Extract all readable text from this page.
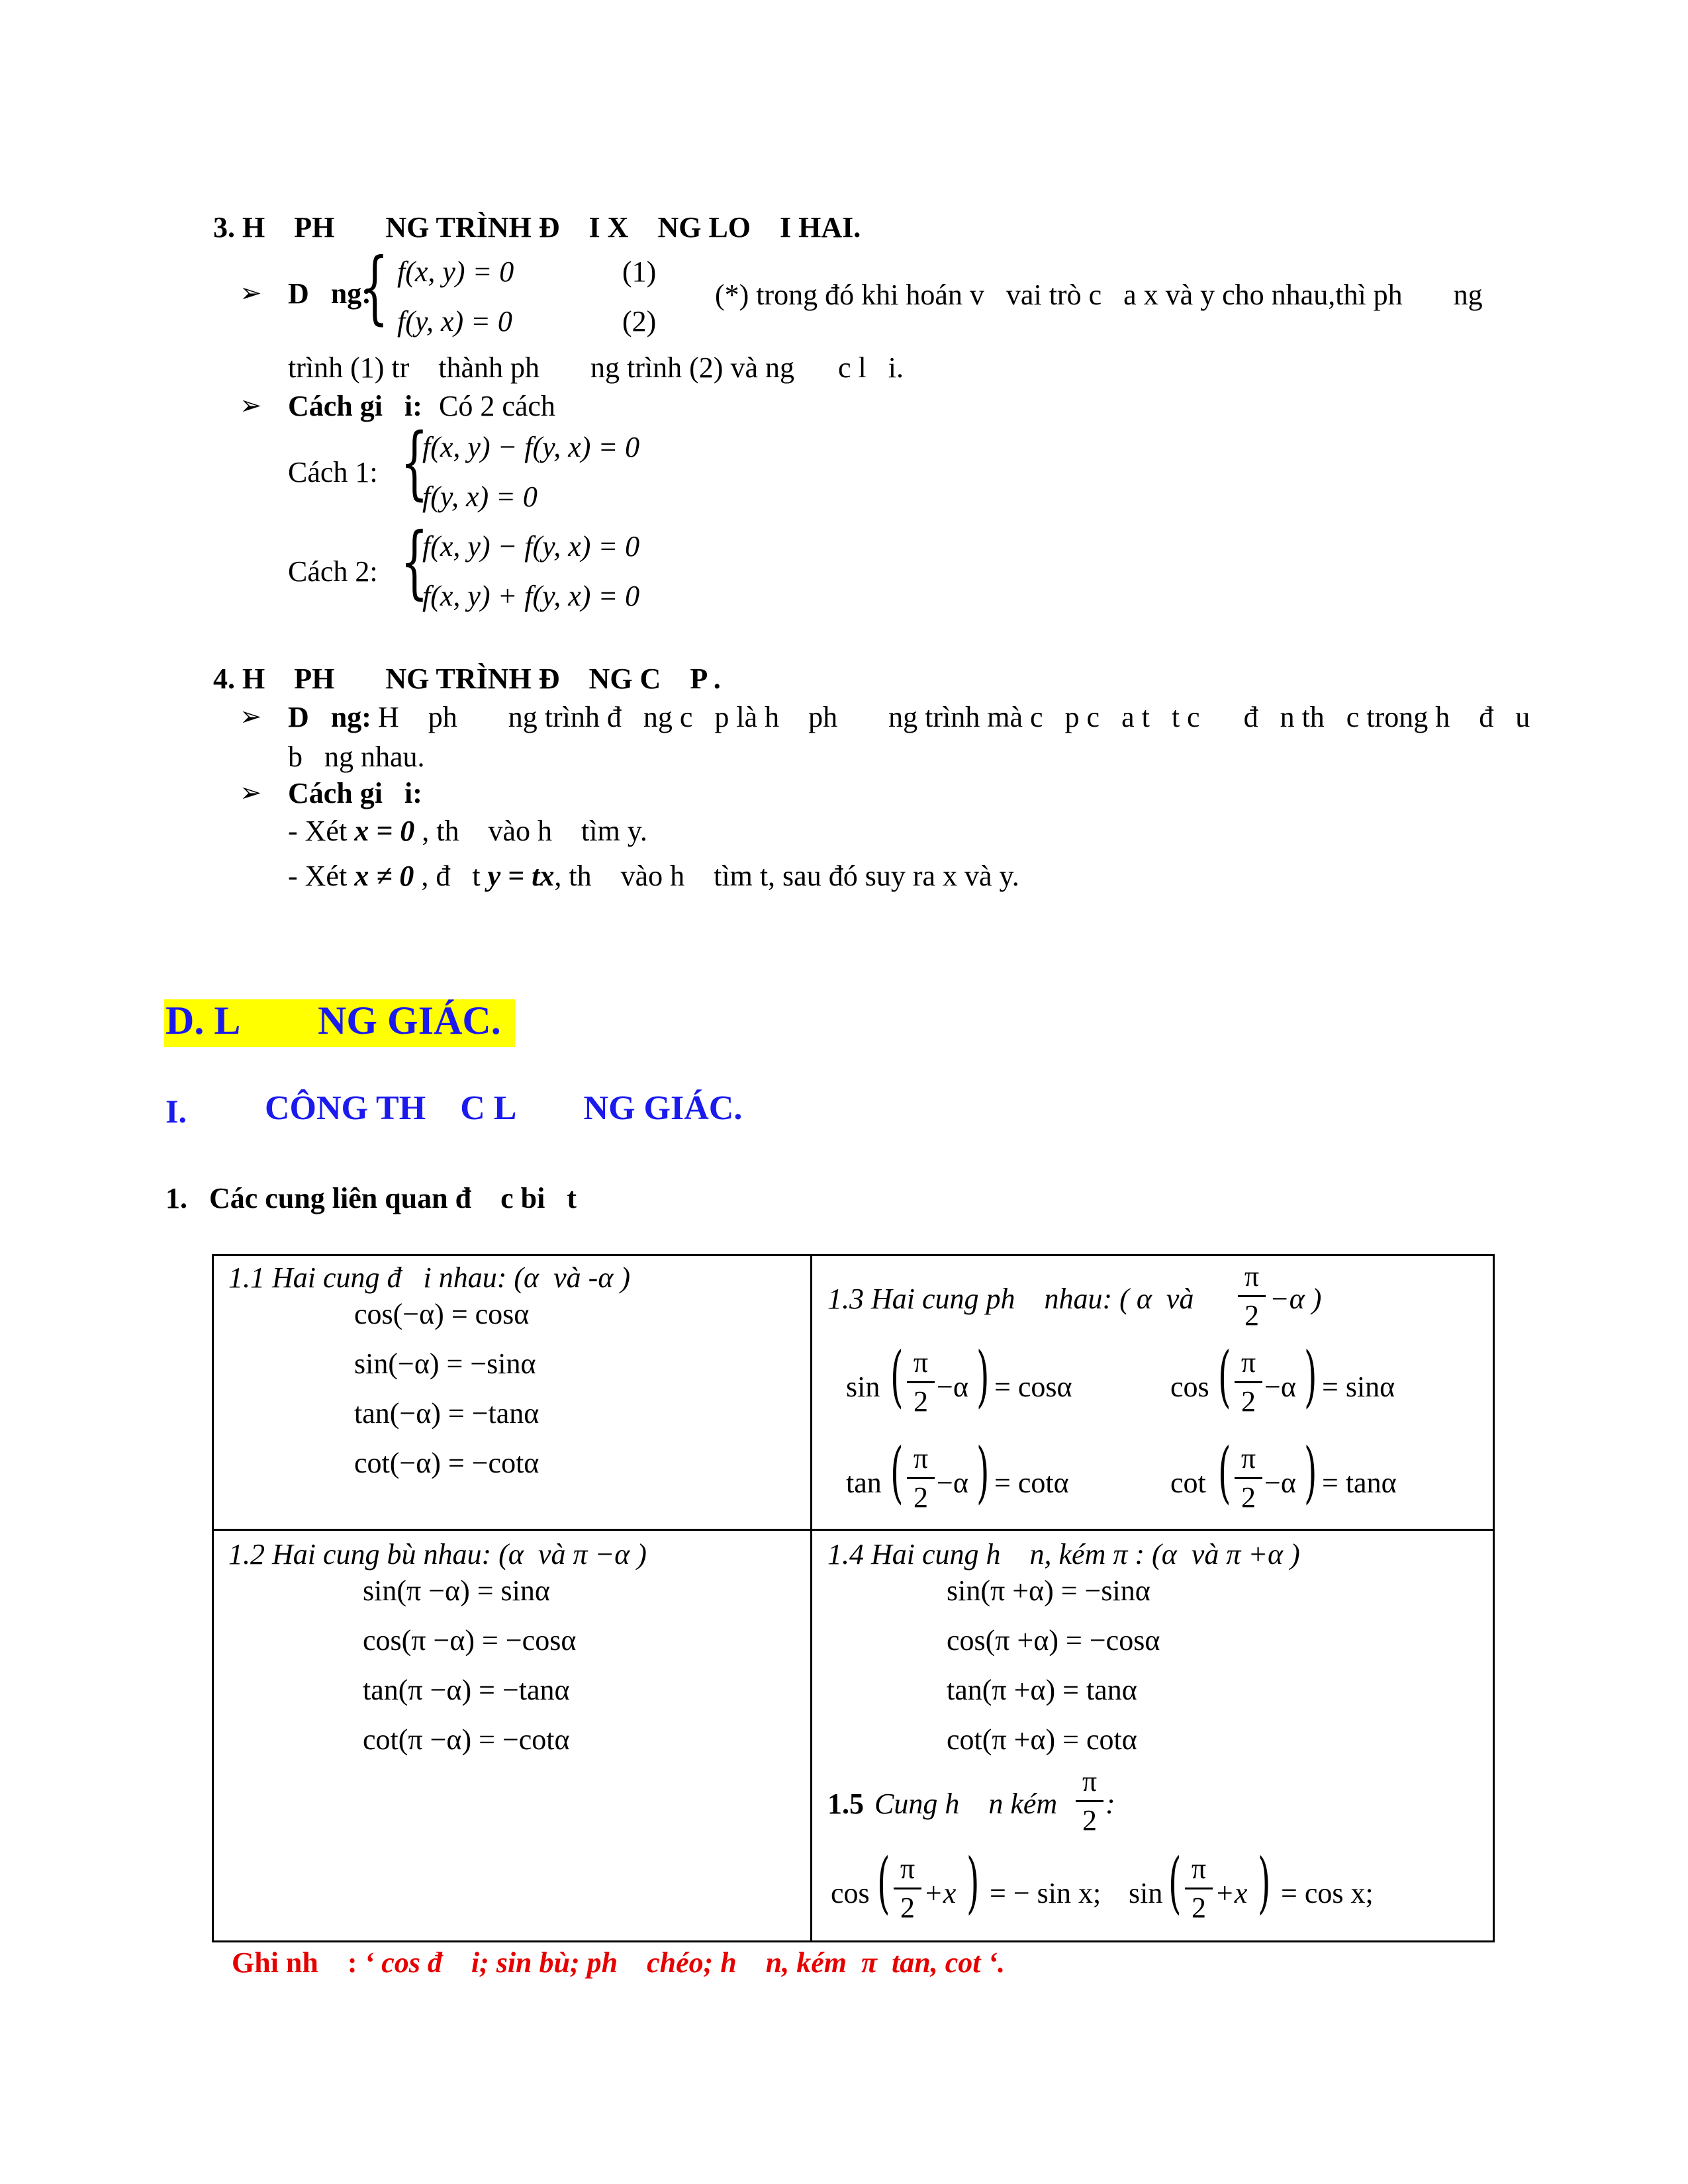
3. H    PH       NG TRÌNH Đ    I X    NG LO    I HAI.
➢ D   ng:
{ f(x, y) = 0	(1)
f(y, x) = 0	(2)
(*) trong đó khi hoán v   vai trò c   a x và y cho nhau,thì ph       ng
trình (1) tr    thành ph       ng trình (2) và ng      c l   i.
➢ Cách gi   i: Có 2 cách
Cách 1: {
f(x, y) − f(y, x) = 0
f(y, x) = 0
Cách 2: {
f(x, y) − f(y, x) = 0
f(x, y) + f(y, x) = 0
4. H    PH       NG TRÌNH Đ    NG C    P .
➢ D   ng: H    ph       ng trình đ   ng c   p là h    ph       ng trình mà c   p c   a t   t c      đ   n th   c trong h    đ   u
b   ng nhau.
➢ Cách gi   i:
- Xét x = 0 , th    vào h    tìm y.
- Xét x ≠ 0 , đ   t y = tx, th    vào h    tìm t, sau đó suy ra x và y.
D. L        NG GIÁC.
I. CÔNG TH    C L        NG GIÁC.
1.   Các cung liên quan đ    c bi   t
1.1 Hai cung đ   i nhau: (α  và -α )
cos(−α) = cosα
sin(−α) = −sinα
tan(−α) = −tanα
cot(−α) = −cotα
1.3 Hai cung ph    nhau: ( α  và
π
2
−α )
sin ( π
2 −α ) = cosα	cos ( π
2 −α ) = sinα
tan ( π
2 −α ) = cotα	cot ( π
2 −α ) = tanα
1.2 Hai cung bù nhau: (α  và π −α )
sin(π −α) = sinα
cos(π −α) = −cosα
tan(π −α) = −tanα
cot(π −α) = −cotα
1.4 Hai cung h    n, kém π : (α  và π +α )
sin(π +α) = −sinα
cos(π +α) = −cosα
tan(π +α) = tanα
cot(π +α) = cotα
1.5 Cung h    n kém
π
2
:
cos ( π
2 +x ) = − sin x; sin ( π
2 +x ) = cos x;
Ghi nh    : ‘ cos đ    i; sin bù; ph    chéo; h    n, kém  π  tan, cot ‘.
